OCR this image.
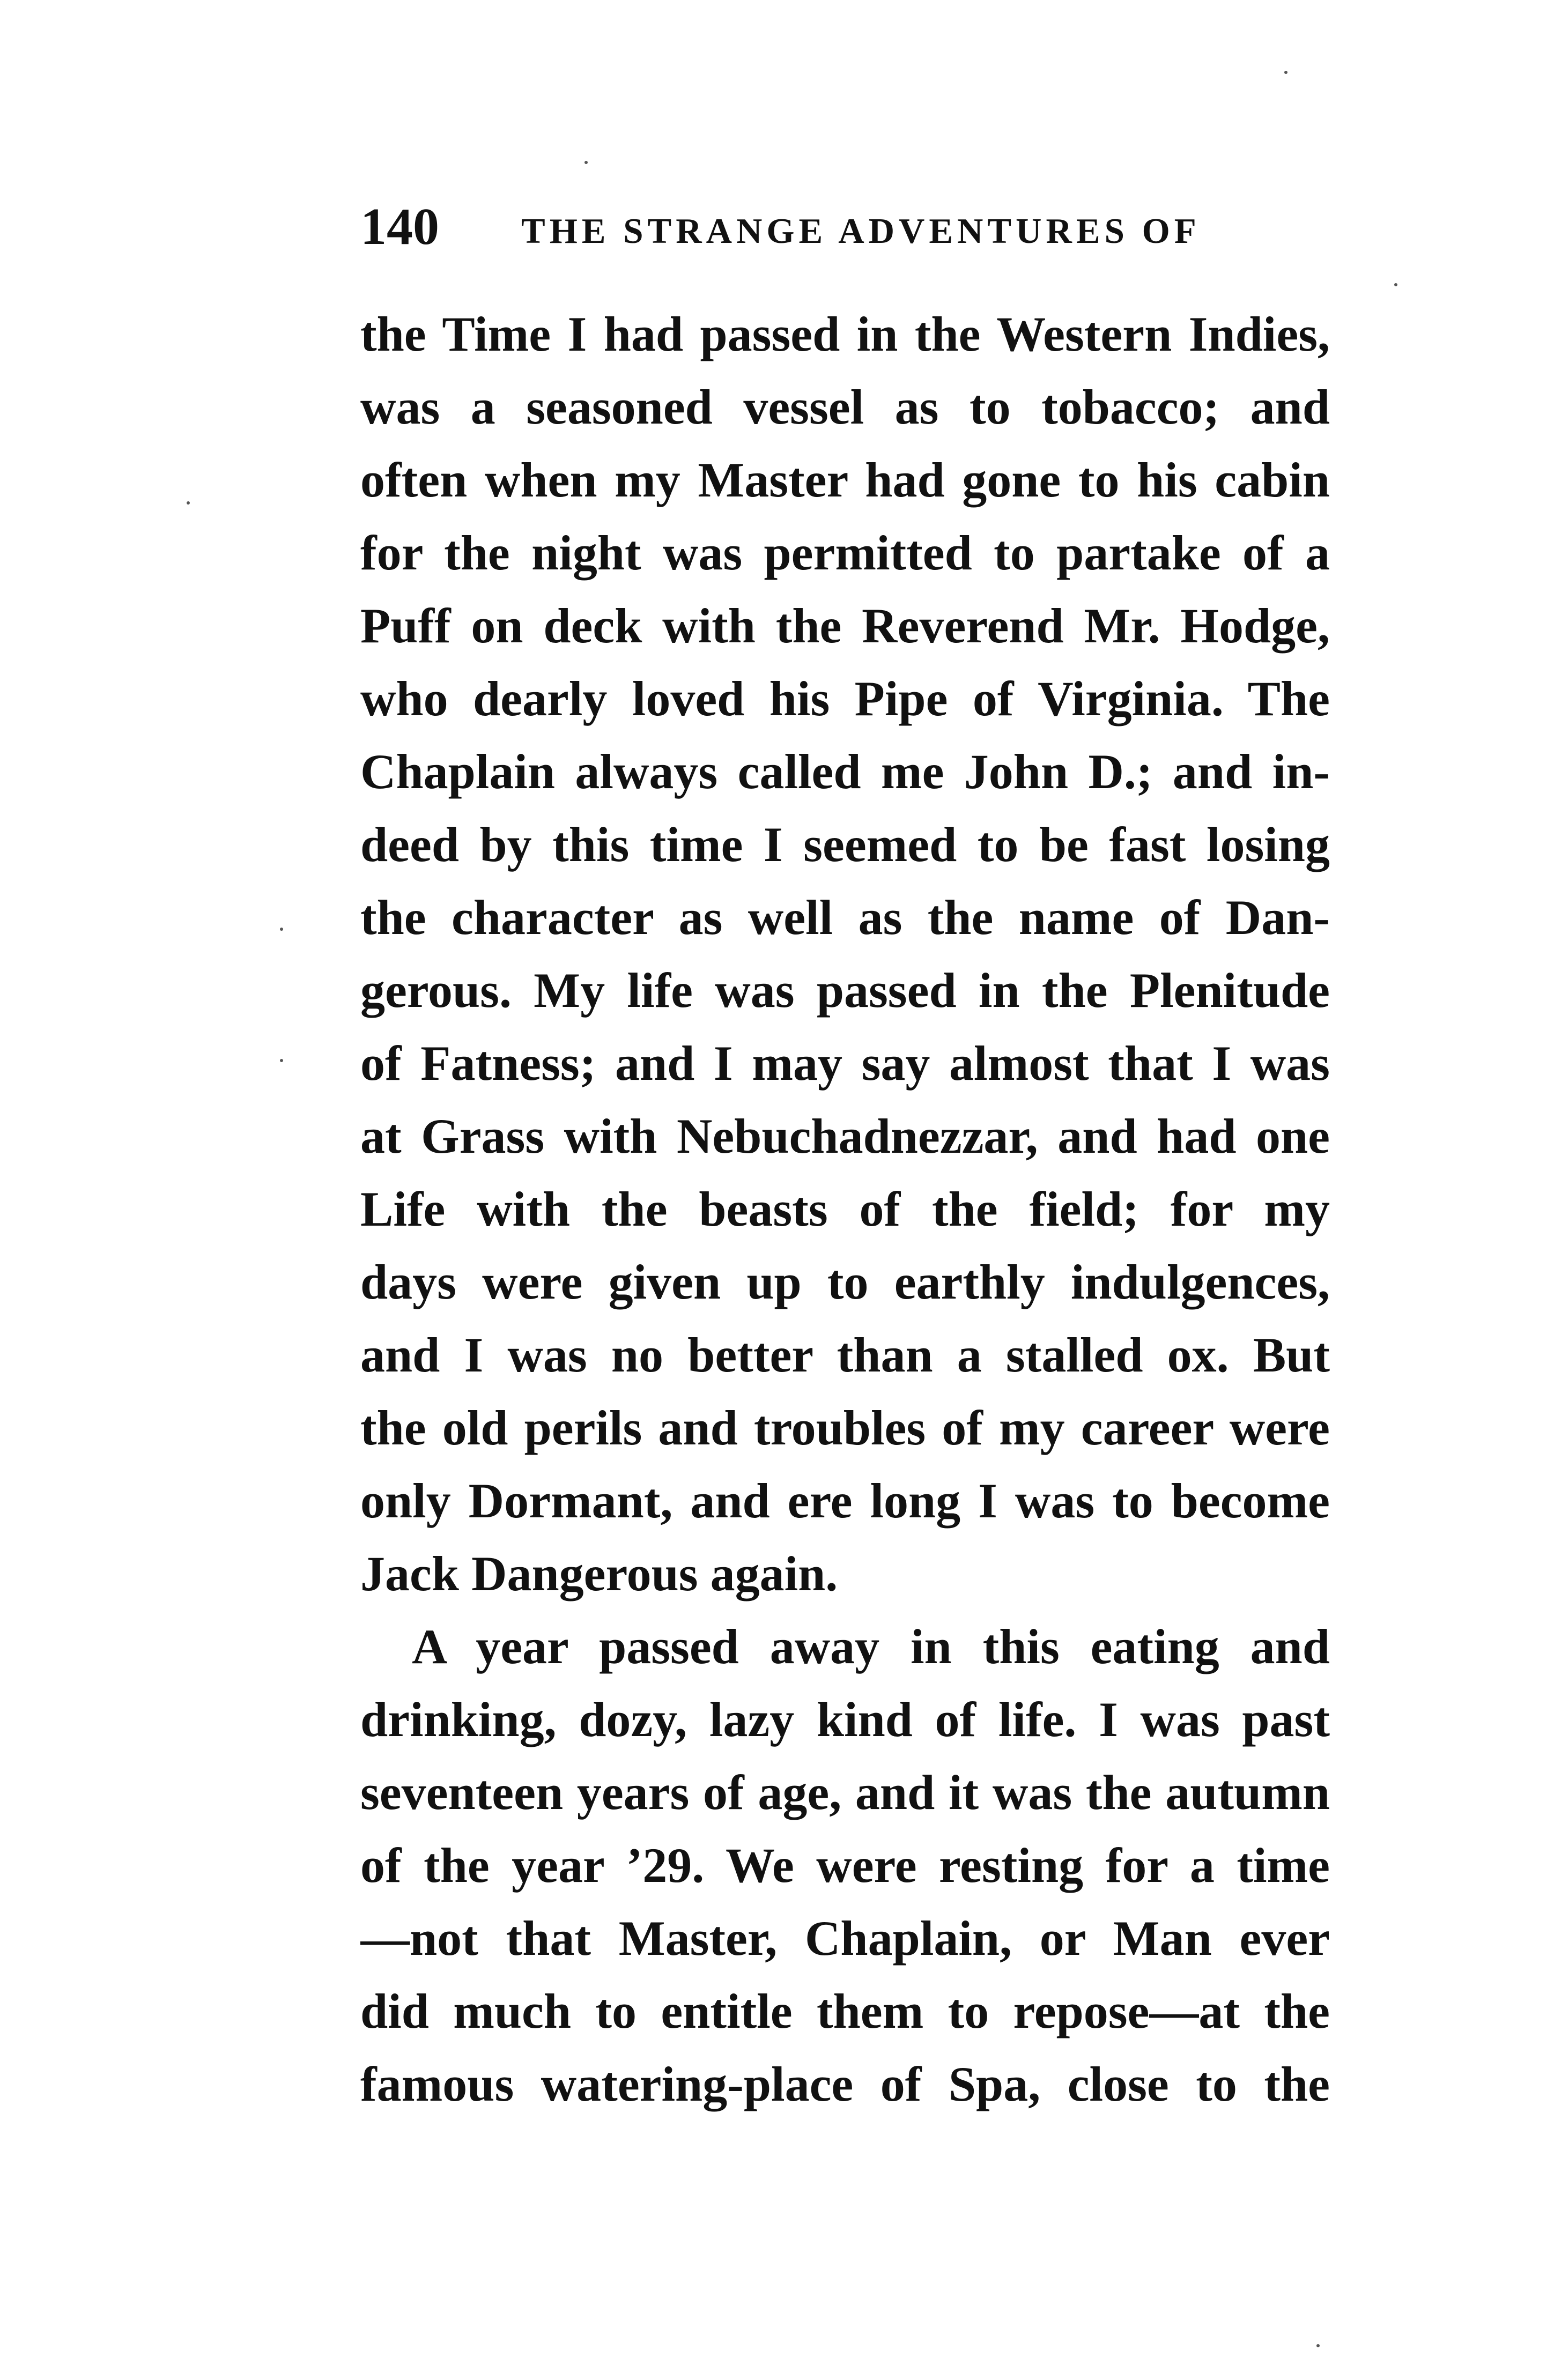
140 THE STRANGE ADVENTURES OF
the Time I had passed in the Western Indies,
was a seasoned vessel as to tobacco; and
often when my Master had gone to his cabin
for the night was permitted to partake of a
Puff on deck with the Reverend Mr. Hodge,
who dearly loved his Pipe of Virginia. The
Chaplain always called me John D.; and in-
deed by this time I seemed to be fast losing
the character as well as the name of Dan-
gerous. My life was passed in the Plenitude
of Fatness; and I may say almost that I was
at Grass with Nebuchadnezzar, and had one
Life with the beasts of the field; for my
days were given up to earthly indulgences,
and I was no better than a stalled ox. But
the old perils and troubles of my career were
only Dormant, and ere long I was to become
Jack Dangerous again.
A year passed away in this eating and
drinking, dozy, lazy kind of life. I was past
seventeen years of age, and it was the autumn
of the year ’29. We were resting for a time
—not that Master, Chaplain, or Man ever
did much to entitle them to repose—at the
famous watering-place of Spa, close to the
